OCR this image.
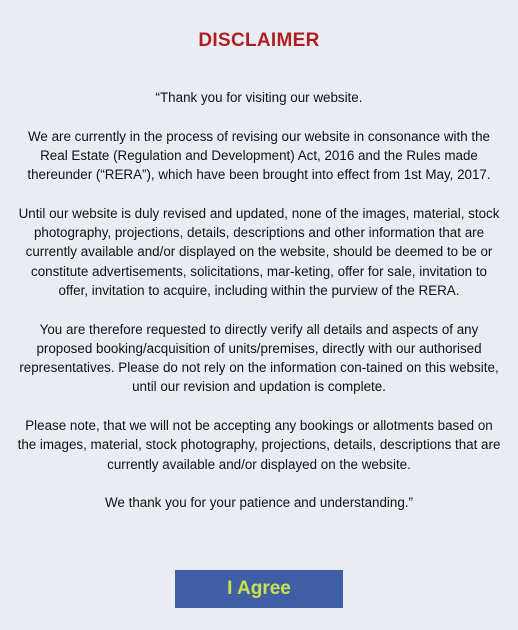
DISCLAIMER

“Thank you for visiting our website.

We are currently in the process of revising our website in consonance with the Real Estate (Regulation and Development) Act, 2016 and the Rules made thereunder (“RERA”), which have been brought into effect from 1st May, 2017.

Until our website is duly revised and updated, none of the images, material, stock photography, projections, details, descriptions and other information that are currently available and/or displayed on the website, should be deemed to be or constitute advertisements, solicitations, mar-keting, offer for sale, invitation to offer, invitation to acquire, including within the purview of the RERA.

You are therefore requested to directly verify all details and aspects of any proposed booking/acquisition of units/premises, directly with our authorised representatives. Please do not rely on the information con-tained on this website, until our revision and updation is complete.

Please note, that we will not be accepting any bookings or allotments based on the images, material, stock photography, projections, details, descriptions that are currently available and/or displayed on the website.

We thank you for your patience and understanding.”

I Agree
